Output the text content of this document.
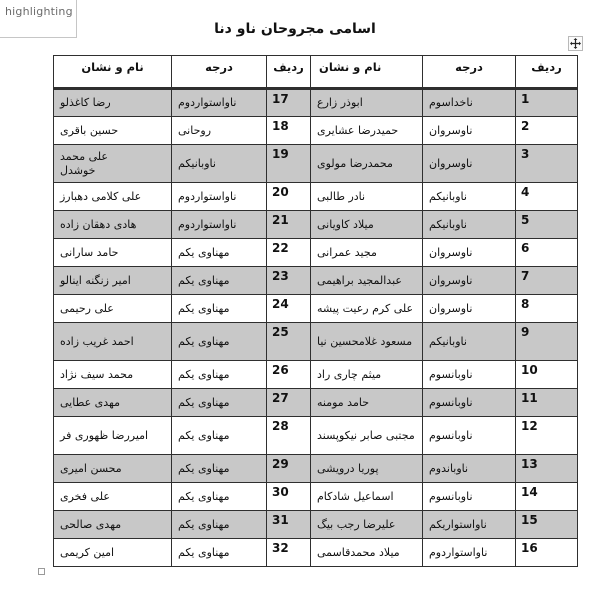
highlighting
اسامی مجروحان ناو دنا
نام و نشان	درجه	ردیف	نام و نشان	درجه	ردیف
رضا کاغذلو	ناواستواردوم	17	ابوذر زارع	ناخداسوم	1
حسین باقری	روحانی	18	حمیدرضا عشایری	ناوسروان	2
علی محمد خوشدل	ناوبانیکم	19	محمدرضا مولوی	ناوسروان	3
علی کلامی دهبارز	ناواستواردوم	20	نادر طالبی	ناوبانیکم	4
هادی دهقان زاده	ناواستواردوم	21	میلاد کاویانی	ناوبانیکم	5
حامد سارانی	مهناوی یکم	22	مجید عمرانی	ناوسروان	6
امیر زنگنه اینالو	مهناوی یکم	23	عبدالمجید براهیمی	ناوسروان	7
علی رحیمی	مهناوی یکم	24	علی کرم رعیت پیشه	ناوسروان	8
احمد غریب زاده	مهناوی یکم	25	مسعود غلامحسین نیا	ناوبانیکم	9
محمد سیف نژاد	مهناوی یکم	26	میثم چاری راد	ناوبانسوم	10
مهدی عطایی	مهناوی یکم	27	حامد مومنه	ناوبانسوم	11
امیررضا ظهوری فر	مهناوی یکم	28	مجتبی صابر نیکوپسند	ناوبانسوم	12
محسن امیری	مهناوی یکم	29	پوریا درویشی	ناوباندوم	13
علی فخری	مهناوی یکم	30	اسماعیل شادکام	ناوبانسوم	14
مهدی صالحی	مهناوی یکم	31	علیرضا رجب بیگ	ناواستواریکم	15
امین کریمی	مهناوی یکم	32	میلاد محمدقاسمی	ناواستواردوم	16
